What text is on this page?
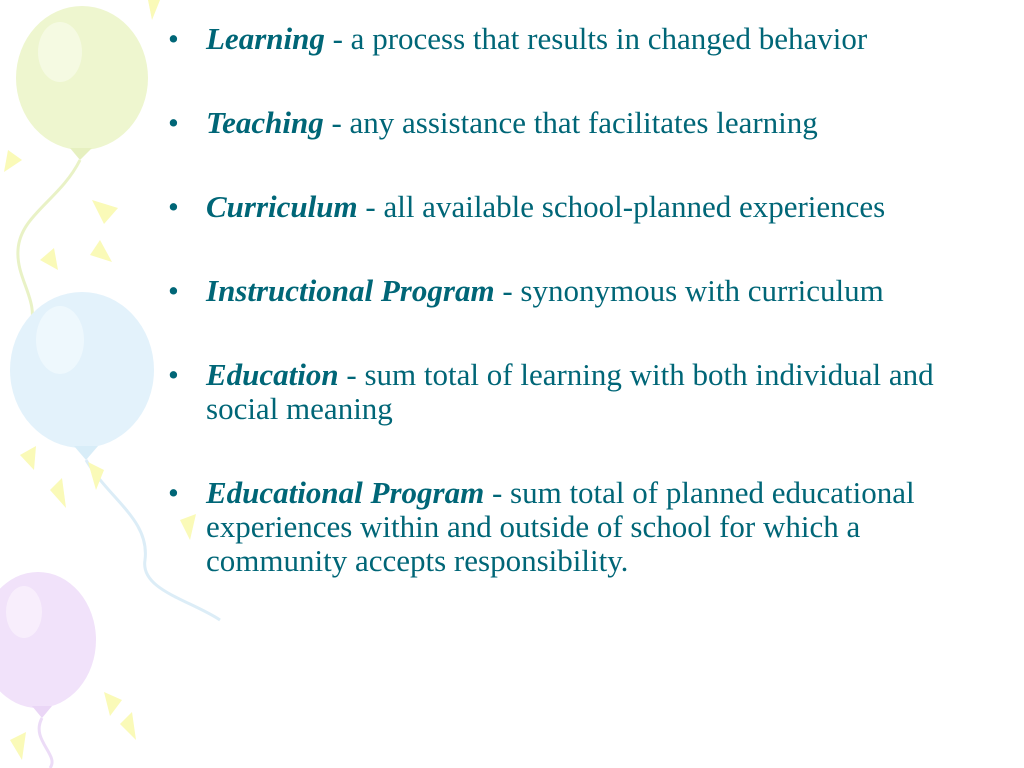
• Learning - a process that results in changed behavior
• Teaching - any assistance that facilitates learning
• Curriculum - all available school-planned experiences
• Instructional Program - synonymous with curriculum
• Education - sum total of learning with both individual and social meaning
• Educational Program - sum total of planned educational experiences within and outside of school for which a community accepts responsibility.
